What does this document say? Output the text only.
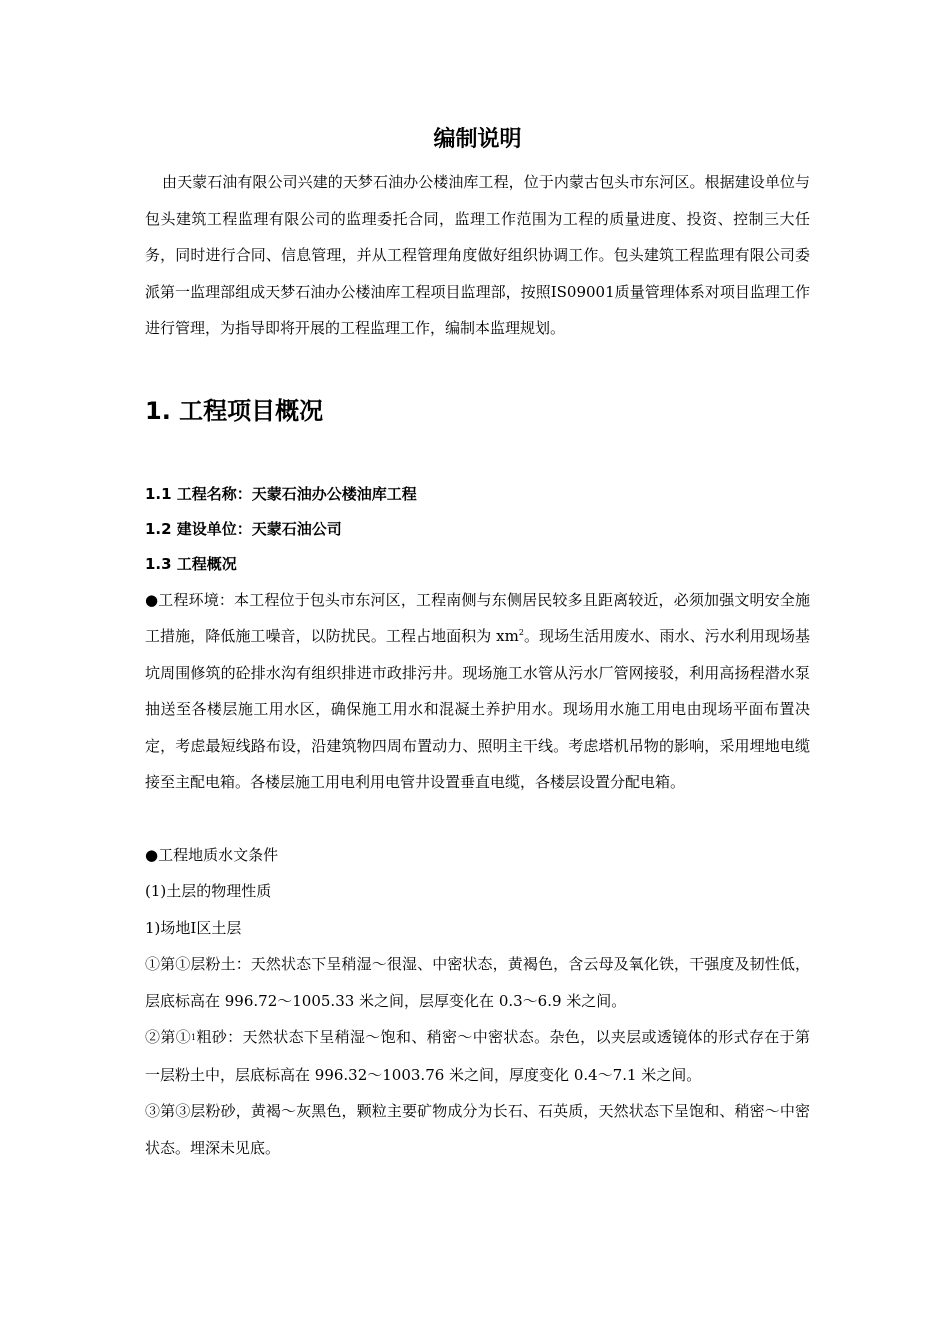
编制说明

由天蒙石油有限公司兴建的天梦石油办公楼油库工程，位于内蒙古包头市东河区。根据建设单位与包头建筑工程监理有限公司的监理委托合同，监理工作范围为工程的质量进度、投资、控制三大任务，同时进行合同、信息管理，并从工程管理角度做好组织协调工作。包头建筑工程监理有限公司委派第一监理部组成天梦石油办公楼油库工程项目监理部，按照IS09001质量管理体系对项目监理工作进行管理，为指导即将开展的工程监理工作，编制本监理规划。

1. 工程项目概况
1.1 工程名称：天蒙石油办公楼油库工程
1.2 建设单位：天蒙石油公司
1.3 工程概况

●工程环境：本工程位于包头市东河区，工程南侧与东侧居民较多且距离较近，必须加强文明安全施工措施，降低施工噪音，以防扰民。工程占地面积为 $xm^2$。现场生活用废水、雨水、污水利用现场基坑周围修筑的砼排水沟有组织排进市政排污井。现场施工水管从污水厂管网接驳，利用高扬程潜水泵抽送至各楼层施工用水区，确保施工用水和混凝土养护用水。现场用水施工用电由现场平面布置决定，考虑最短线路布设，沿建筑物四周布置动力、照明主干线。考虑塔机吊物的影响，采用埋地电缆接至主配电箱。各楼层施工用电利用电管井设置垂直电缆，各楼层设置分配电箱。

●工程地质水文条件

(1)土层的物理性质

1)场地Ⅰ区土层

①第①层粉土：天然状态下呈稍湿～很湿、中密状态，黄褐色，含云母及氧化铁，干强度及韧性低，层底标高在 996.72～1005.33 米之间，层厚变化在 0.3～6.9 米之间。

②第①1粗砂：天然状态下呈稍湿～饱和、稍密～中密状态。杂色，以夹层或透镜体的形式存在于第一层粉土中，层底标高在 996.32～1003.76 米之间，厚度变化 0.4～7.1 米之间。

③第③层粉砂，黄褐～灰黑色，颗粒主要矿物成分为长石、石英质，天然状态下呈饱和、稍密～中密状态。埋深未见底。
